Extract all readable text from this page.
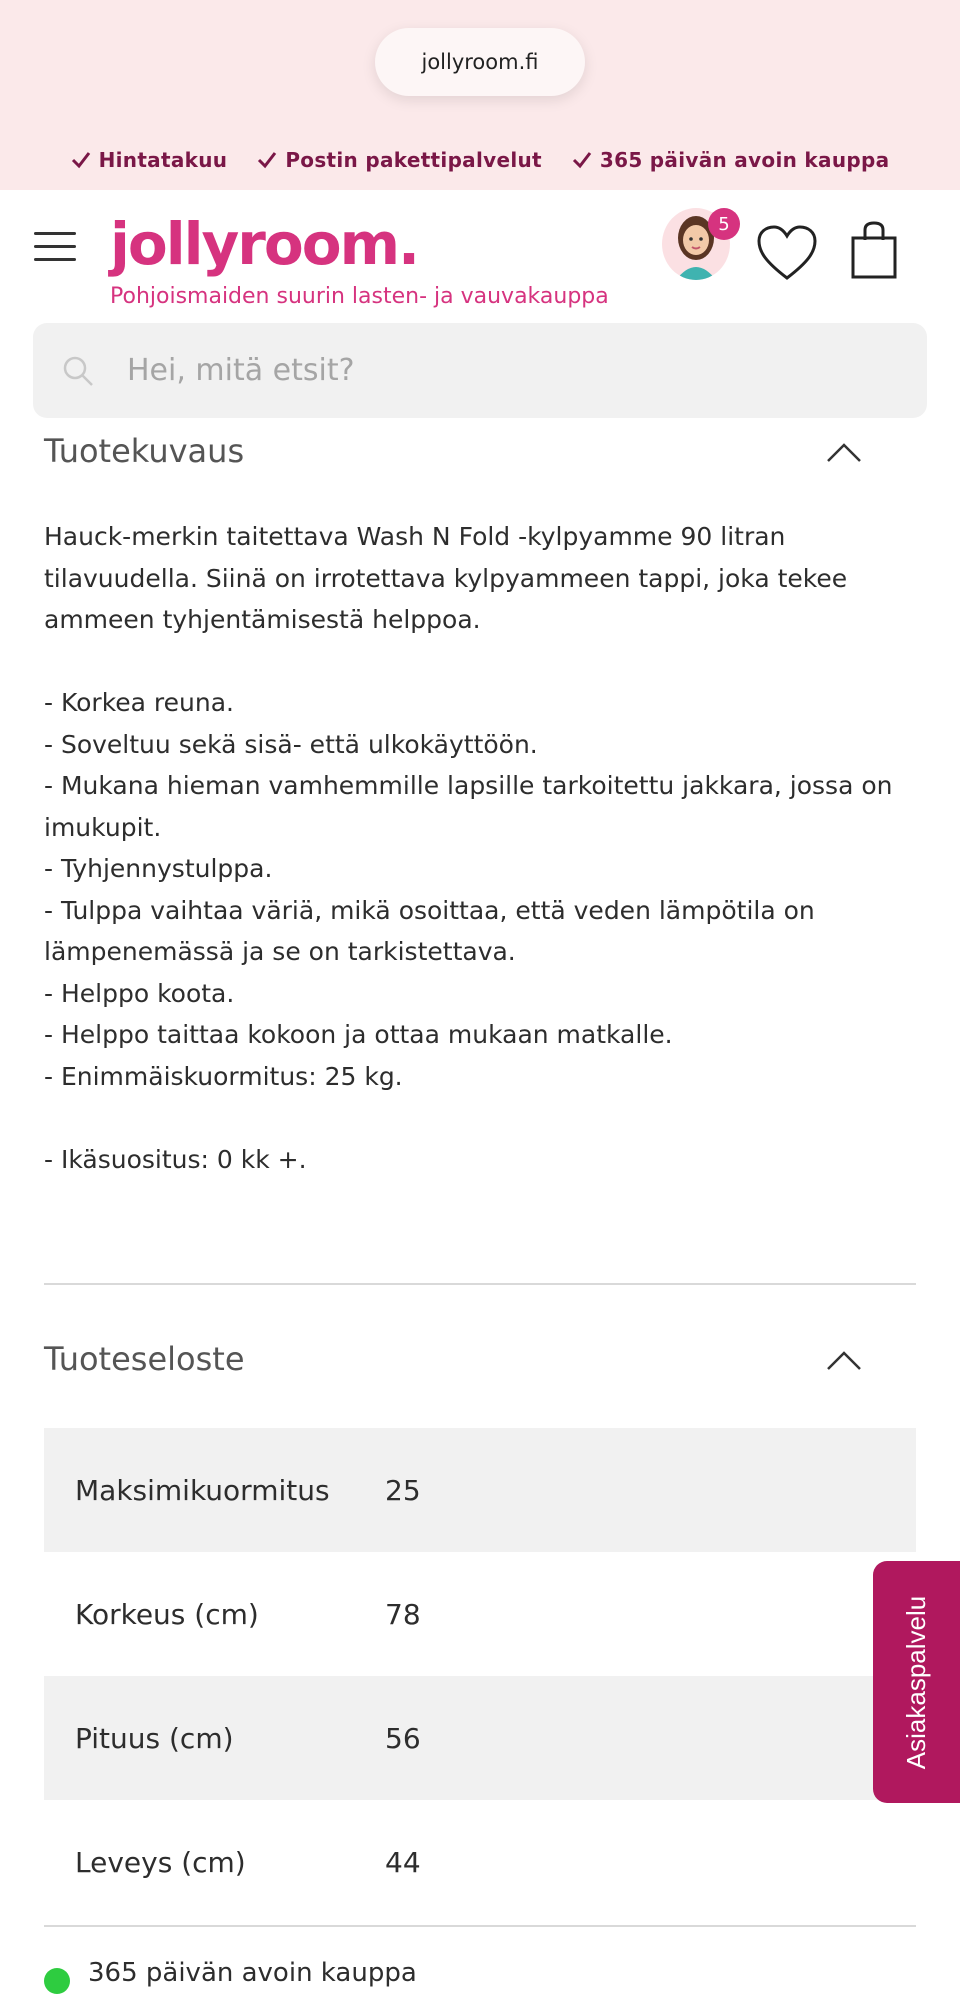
jollyroom.fi
Hintatakuu	Postin pakettipalvelut	365 päivän avoin kauppa
jollyroom.
Pohjoismaiden suurin lasten- ja vauvakauppa
5
Hei, mitä etsit?
Tuotekuvaus

Hauck-merkin taitettava Wash N Fold -kylpyamme 90 litran tilavuudella. Siinä on irrotettava kylpyammeen tappi, joka tekee ammeen tyhjentämisestä helppoa.

- Korkea reuna.

- Soveltuu sekä sisä- että ulkokäyttöön.

- Mukana hieman vamhemmille lapsille tarkoitettu jakkara, jossa on imukupit.

- Tyhjennystulppa.

- Tulppa vaihtaa väriä, mikä osoittaa, että veden lämpötila on lämpenemässä ja se on tarkistettava.

- Helppo koota.

- Helppo taittaa kokoon ja ottaa mukaan matkalle.

- Enimmäiskuormitus: 25 kg.

- Ikäsuositus: 0 kk +.

Tuoteseloste
Maksimikuormitus	25
Korkeus (cm)	78
Pituus (cm)	56
Leveys (cm)	44
Asiakaspalvelu
365 päivän avoin kauppa
